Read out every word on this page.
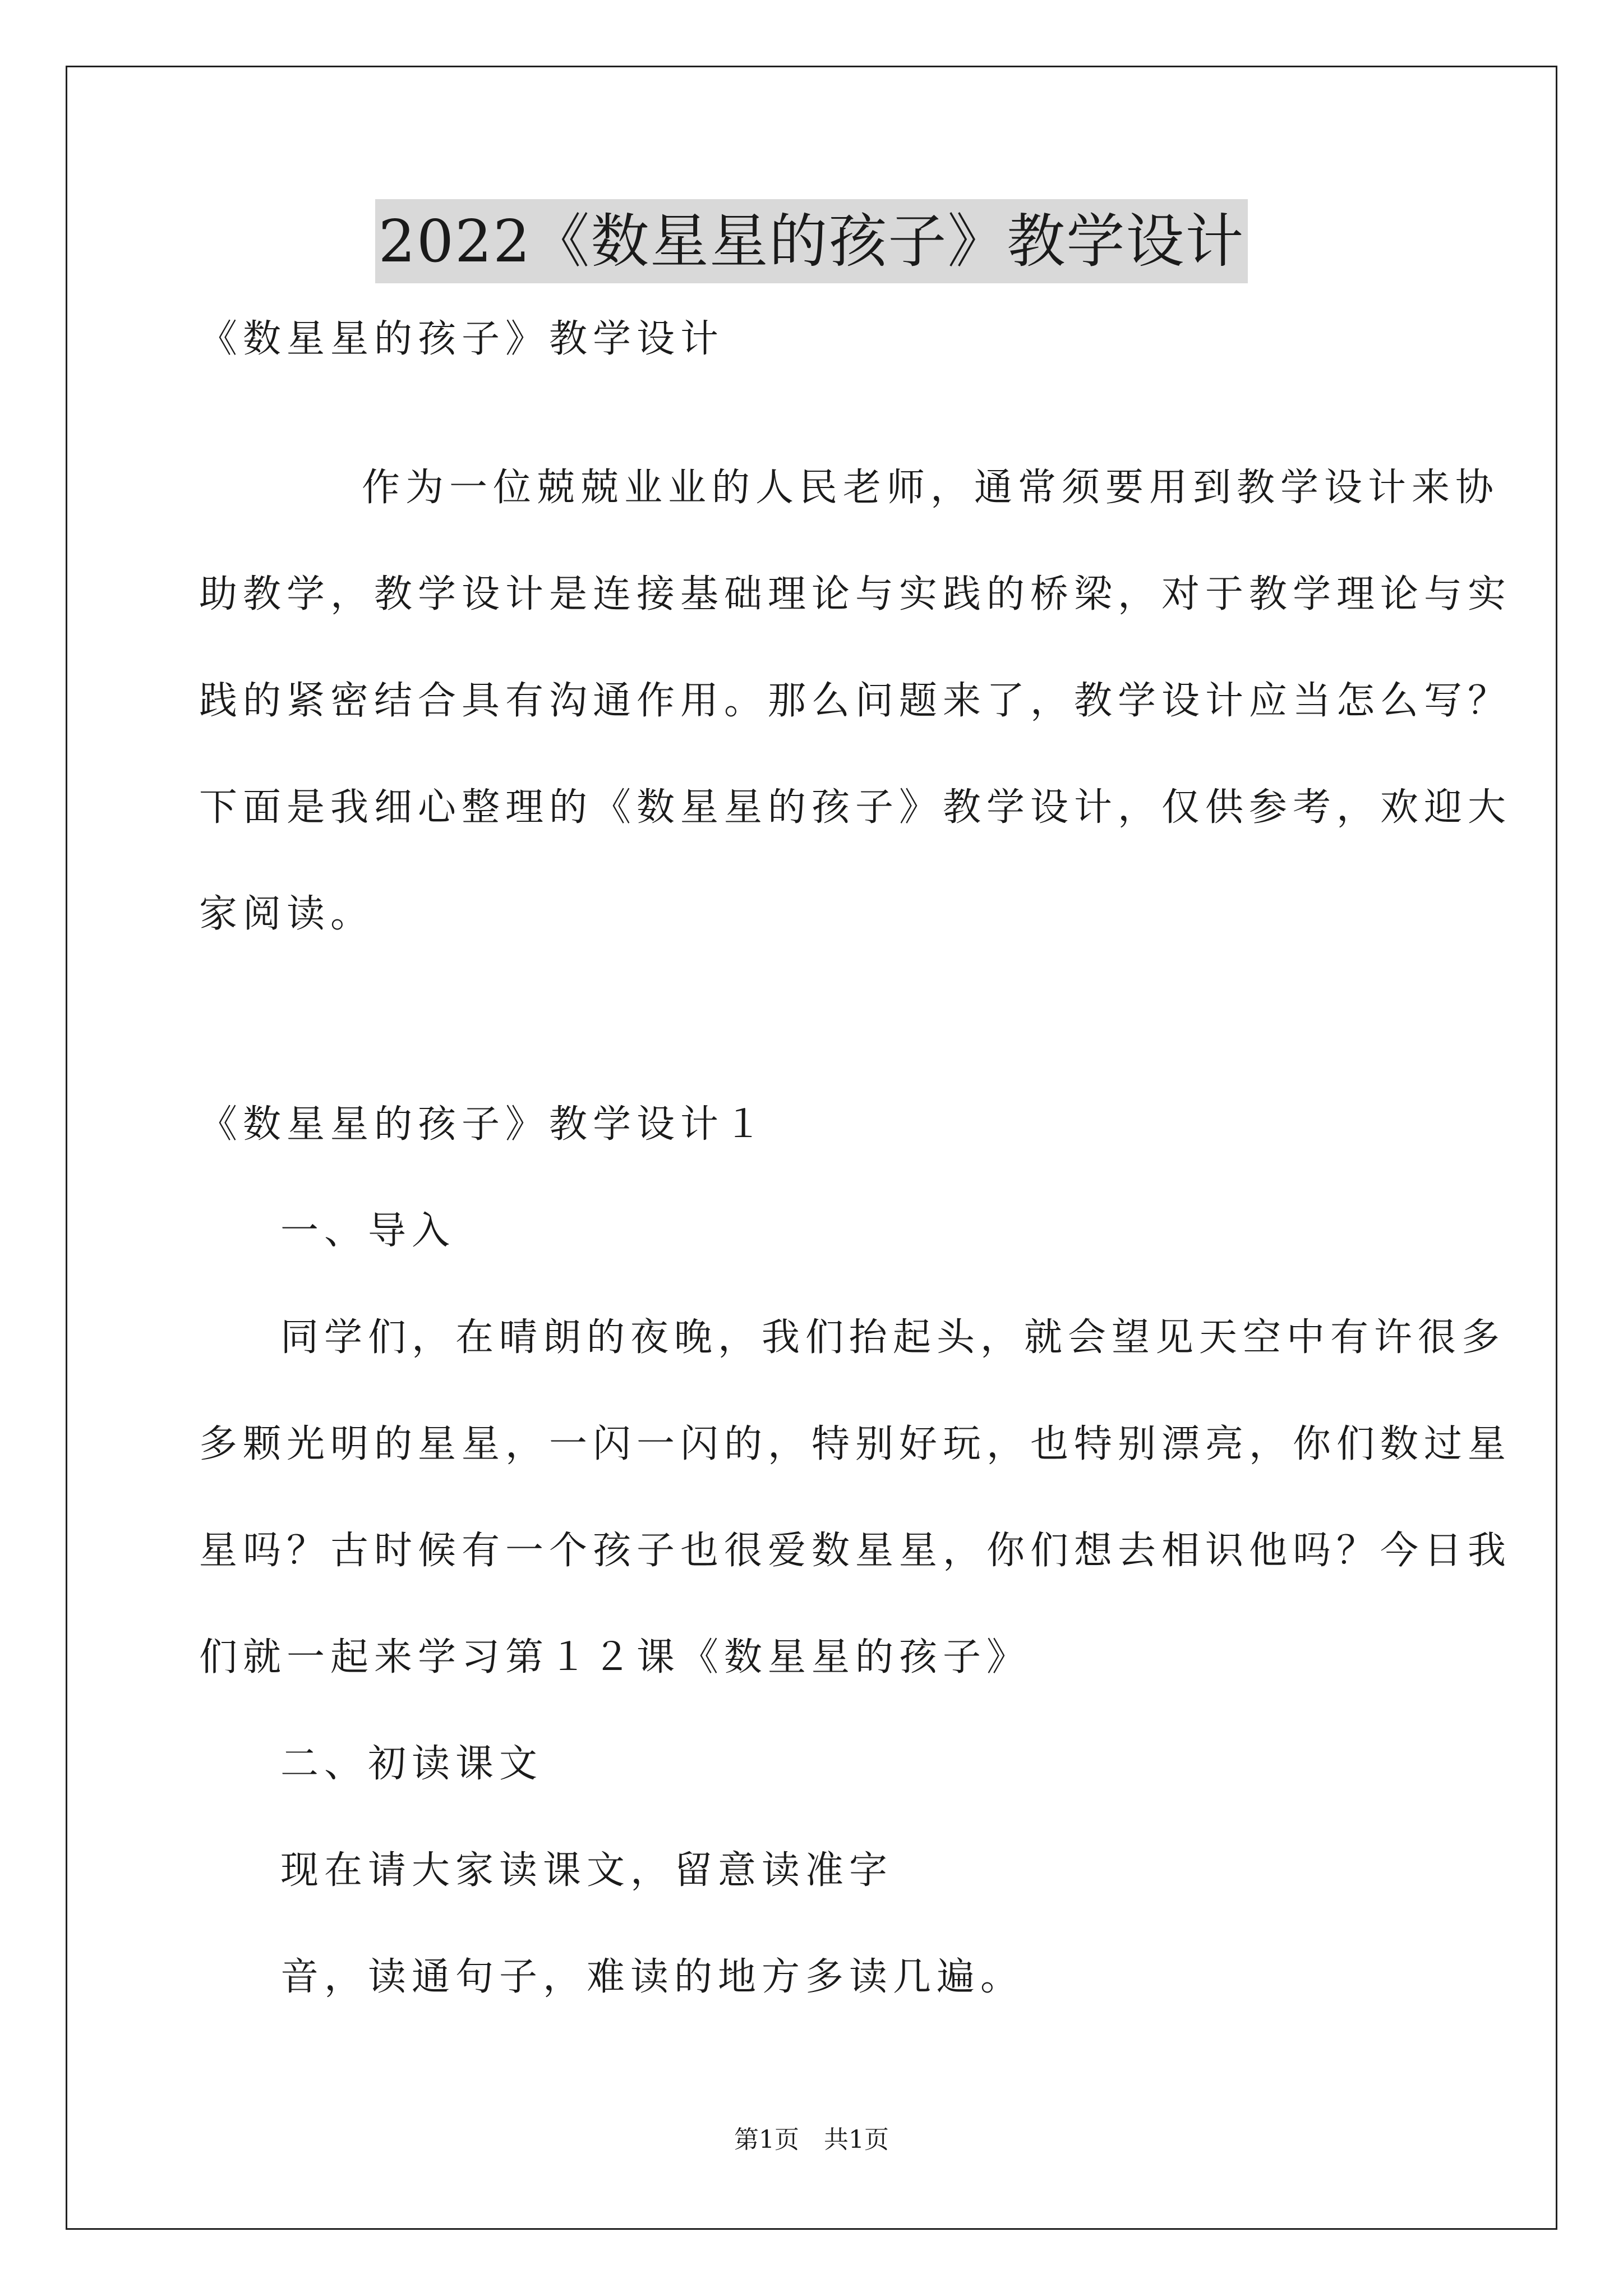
2022《数星星的孩子》教学设计
《数星星的孩子》教学设计
作为一位兢兢业业的人民老师，通常须要用到教学设计来协
助教学，教学设计是连接基础理论与实践的桥梁，对于教学理论与实
践的紧密结合具有沟通作用。那么问题来了，教学设计应当怎么写？
下面是我细心整理的《数星星的孩子》教学设计，仅供参考，欢迎大
家阅读。
《数星星的孩子》教学设计１
一、导入
同学们，在晴朗的夜晚，我们抬起头，就会望见天空中有许很多
多颗光明的星星，一闪一闪的，特别好玩，也特别漂亮，你们数过星
星吗？古时候有一个孩子也很爱数星星，你们想去相识他吗？今日我
们就一起来学习第１２课《数星星的孩子》
二、初读课文
现在请大家读课文，留意读准字
音，读通句子，难读的地方多读几遍。
第1页　共1页
